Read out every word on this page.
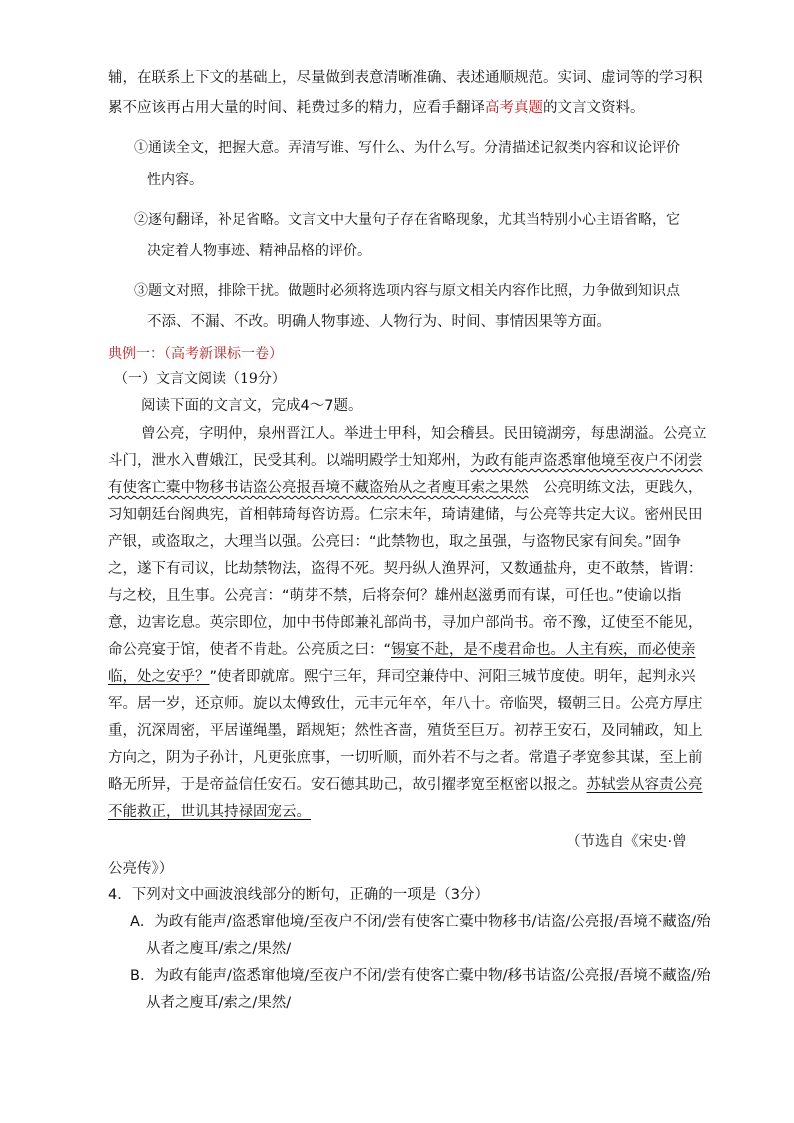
辅，在联系上下文的基础上，尽量做到表意清晰准确、表述通顺规范。实词、虚词等的学习积
累不应该再占用大量的时间、耗费过多的精力，应看手翻译高考真题的文言文资料。
①通读全文，把握大意。弄清写谁、写什么、为什么写。分清描述记叙类内容和议论评价
性内容。
②逐句翻译，补足省略。文言文中大量句子存在省略现象，尤其当特别小心主语省略，它
决定着人物事迹、精神品格的评价。
③题文对照，排除干扰。做题时必须将选项内容与原文相关内容作比照，力争做到知识点
不添、不漏、不改。明确人物事迹、人物行为、时间、事情因果等方面。
典例一：（高考新课标一卷）
（一）文言文阅读（19分）
阅读下面的文言文，完成4～7题。
曾公亮，字明仲，泉州晋江人。举进士甲科，知会稽县。民田镜湖旁，每患湖溢。公亮立
斗门，泄水入曹娥江，民受其利。以端明殿学士知郑州，为政有能声盗悉窜他境至夜户不闭尝
有使客亡橐中物移书诘盗公亮报吾境不藏盗殆从之者廋耳索之果然　公亮明练文法，更践久，
习知朝廷台阁典宪，首相韩琦每咨访焉。仁宗末年，琦请建储，与公亮等共定大议。密州民田
产银，或盗取之，大理当以强。公亮曰：“此禁物也，取之虽强，与盗物民家有间矣。”固争
之，遂下有司议，比劫禁物法，盗得不死。契丹纵人渔界河，又数通盐舟，吏不敢禁，皆谓：
与之校，且生事。公亮言：“萌芽不禁，后将奈何？雄州赵滋勇而有谋，可任也。”使谕以指
意，边害讫息。英宗即位，加中书侍郎兼礼部尚书，寻加户部尚书。帝不豫，辽使至不能见，
命公亮宴于馆，使者不肯赴。公亮质之曰：“锡宴不赴，是不虔君命也。人主有疾，而必使亲
临，处之安乎？”使者即就席。熙宁三年，拜司空兼侍中、河阳三城节度使。明年，起判永兴
军。居一岁，还京师。旋以太傅致仕，元丰元年卒，年八十。帝临哭，辍朝三日。公亮方厚庄
重，沉深周密，平居谨绳墨，蹈规矩；然性吝啬，殖货至巨万。初荐王安石，及同辅政，知上
方向之，阴为子孙计，凡更张庶事，一切听顺，而外若不与之者。常遣子孝宽参其谋，至上前
略无所异，于是帝益信任安石。安石德其助己，故引擢孝宽至枢密以报之。苏轼尝从容责公亮
不能救正，世讥其持禄固宠云。
（节选自《宋史·曾
公亮传》）
4．下列对文中画波浪线部分的断句，正确的一项是（3分）
A．为政有能声/盗悉窜他境/至夜户不闭/尝有使客亡橐中物移书/诘盗/公亮报/吾境不藏盗/殆
从者之廋耳/索之/果然/
B．为政有能声/盗悉窜他境/至夜户不闭/尝有使客亡橐中物/移书诘盗/公亮报/吾境不藏盗/殆
从者之廋耳/索之/果然/
